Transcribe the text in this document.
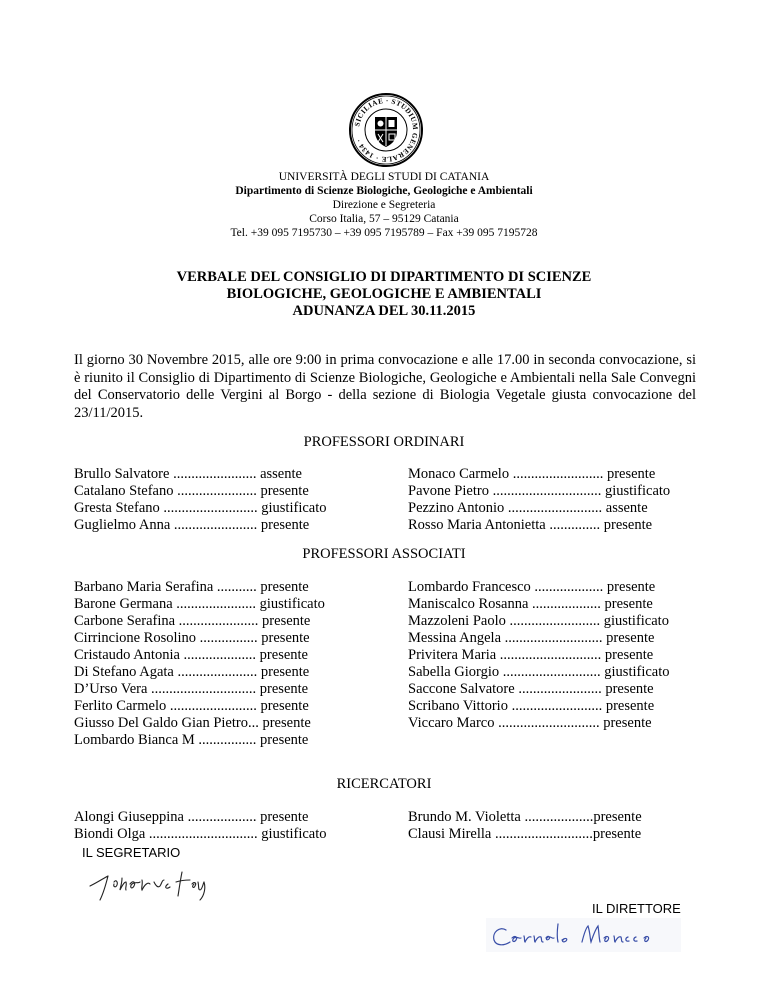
SICILIAE · STUDIUM GENERALE · 1434 ·
UNIVERSITÀ DEGLI STUDI DI CATANIA
Dipartimento di Scienze Biologiche, Geologiche e Ambientali
Direzione e Segreteria
Corso Italia, 57 – 95129 Catania
Tel. +39 095 7195730 – +39 095 7195789 – Fax +39 095 7195728
VERBALE DEL CONSIGLIO DI DIPARTIMENTO DI SCIENZE
BIOLOGICHE, GEOLOGICHE E AMBIENTALI
ADUNANZA DEL 30.11.2015
Il giorno 30 Novembre 2015, alle ore 9:00 in prima convocazione e alle 17.00 in seconda convocazione, si è riunito il Consiglio di Dipartimento di Scienze Biologiche, Geologiche e Ambientali nella Sale Convegni del Conservatorio delle Vergini al Borgo - della sezione di Biologia Vegetale giusta convocazione del 23/11/2015.
PROFESSORI ORDINARI
Brullo Salvatore ....................... assente
Catalano Stefano ...................... presente
Gresta Stefano .......................... giustificato
Guglielmo Anna ....................... presente
Monaco Carmelo ......................... presente
Pavone Pietro .............................. giustificato
Pezzino Antonio .......................... assente
Rosso Maria Antonietta .............. presente
PROFESSORI ASSOCIATI
Barbano Maria Serafina ........... presente
Barone Germana ...................... giustificato
Carbone Serafina ...................... presente
Cirrincione Rosolino ................ presente
Cristaudo Antonia .................... presente
Di Stefano Agata ...................... presente
D’Urso Vera ............................. presente
Ferlito Carmelo ........................ presente
Giusso Del Galdo Gian Pietro... presente
Lombardo Bianca M ................ presente
Lombardo Francesco ................... presente
Maniscalco Rosanna ................... presente
Mazzoleni Paolo ......................... giustificato
Messina Angela ........................... presente
Privitera Maria ............................ presente
Sabella Giorgio ........................... giustificato
Saccone Salvatore ....................... presente
Scribano Vittorio ......................... presente
Viccaro Marco ............................ presente
RICERCATORI
Alongi Giuseppina ................... presente
Biondi Olga .............................. giustificato
Brundo M. Violetta ...................presente
Clausi Mirella ...........................presente
IL SEGRETARIO
IL DIRETTORE
